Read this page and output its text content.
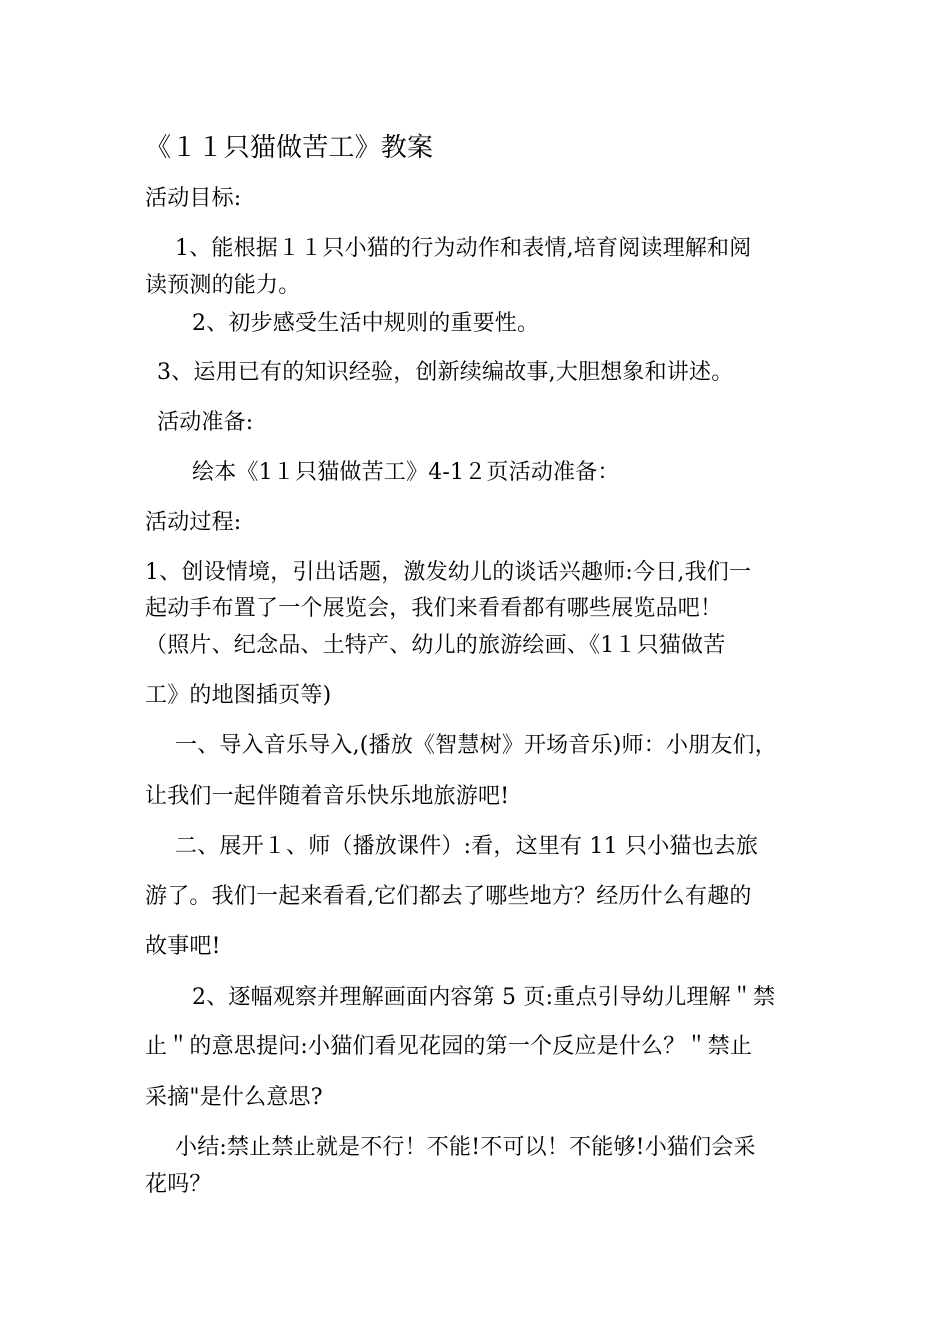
《１１只猫做苦工》教案
活动目标:
1、能根据１１只小猫的行为动作和表情,培育阅读理解和阅
读预测的能力。
2、初步感受生活中规则的重要性。
3、运用已有的知识经验，创新续编故事,大胆想象和讲述。
活动准备:
绘本《1１只猫做苦工》4-1２页活动准备：
活动过程:
1、创设情境，引出话题，激发幼儿的谈话兴趣师:今日,我们一
起动手布置了一个展览会，我们来看看都有哪些展览品吧！
（照片、纪念品、土特产、幼儿的旅游绘画、《1１只猫做苦
工》的地图插页等)
一、导入音乐导入,(播放《智慧树》开场音乐)师：小朋友们，
让我们一起伴随着音乐快乐地旅游吧!
二、展开１、师（播放课件）:看，这里有 11 只小猫也去旅
游了。我们一起来看看,它们都去了哪些地方？经历什么有趣的
故事吧!
2、逐幅观察并理解画面内容第 5 页:重点引导幼儿理解＂禁
止＂的意思提问:小猫们看见花园的第一个反应是什么？＂禁止
采摘"是什么意思?
小结:禁止禁止就是不行！不能!不可以！不能够!小猫们会采
花吗？
